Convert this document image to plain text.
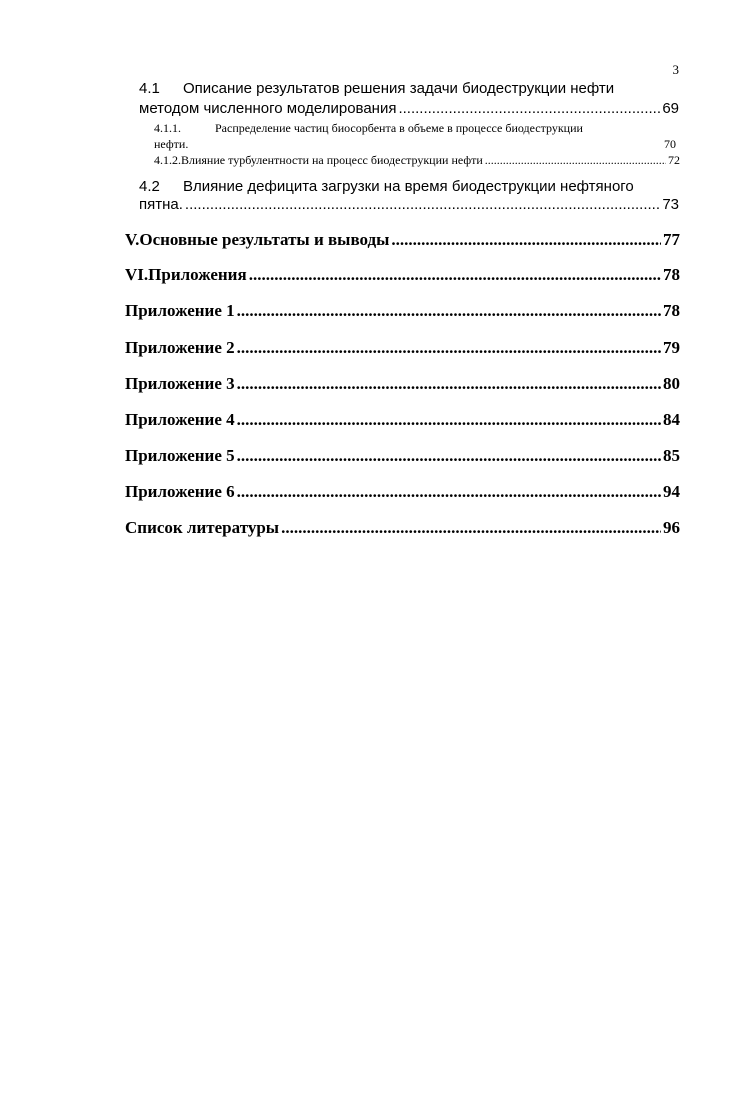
3
4.1 Описание результатов решения задачи биодеструкции нефти
методом численного моделирования .....	69
4.1.1.	Распределение частиц биосорбента в объеме в процессе биодеструкции
нефти.	70
4.1.2. Влияние турбулентности на процесс биодеструкции нефти .....	72
4.2 Влияние дефицита загрузки на время биодеструкции нефтяного
пятна. .....	73
V. Основные результаты и выводы .....	77
VI. Приложения .....	78
Приложение 1 .....	78
Приложение 2 .....	79
Приложение 3 .....	80
Приложение 4 .....	84
Приложение 5 .....	85
Приложение 6 .....	94
Список литературы .....	96
